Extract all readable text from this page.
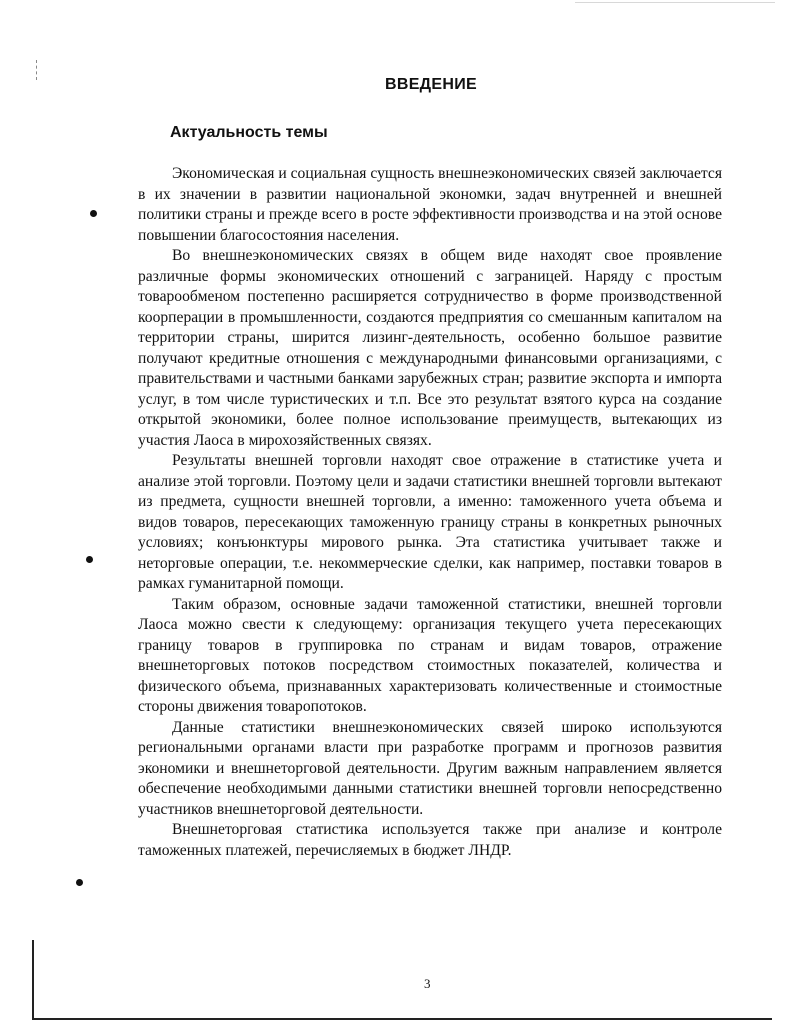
ВВЕДЕНИЕ
Актуальность темы

Экономическая и социальная сущность внешнеэкономических связей заключается в их значении в развитии национальной экономки, задач внутренней и внешней политики страны и прежде всего в росте эффективности производства и на этой основе повышении благосостояния населения.

Во внешнеэкономических связях в общем виде находят свое проявление различные формы экономических отношений с заграницей. Наряду с простым товарообменом постепенно расширяется сотрудничество в форме производственной коорперации в промышленности, создаются предприятия со смешанным капиталом на территории страны, ширится лизинг-деятельность, особенно большое развитие получают кредитные отношения с международными финансовыми организациями, с правительствами и частными банками зарубежных стран; развитие экспорта и импорта услуг, в том числе туристических и т.п. Все это результат взятого курса на создание открытой экономики, более полное использование преимуществ, вытекающих из участия Лаоса в мирохозяйственных связях.

Результаты внешней торговли находят свое отражение в статистике учета и анализе этой торговли. Поэтому цели и задачи статистики внешней торговли вытекают из предмета, сущности внешней торговли, а именно: таможенного учета объема и видов товаров, пересекающих таможенную границу страны в конкретных рыночных условиях; конъюнктуры мирового рынка. Эта статистика учитывает также и неторговые операции, т.е. некоммерческие сделки, как например, поставки товаров в рамках гуманитарной помощи.

Таким образом, основные задачи таможенной статистики, внешней торговли Лаоса можно свести к следующему: организация текущего учета пересекающих границу товаров в группировка по странам и видам товаров, отражение внешнеторговых потоков посредством стоимостных показателей, количества и физического объема, признаванных характеризовать количественные и стоимостные стороны движения товаропотоков.

Данные статистики внешнеэкономических связей широко используются региональными органами власти при разработке программ и прогнозов развития экономики и внешнеторговой деятельности. Другим важным направлением является обеспечение необходимыми данными статистики внешней торговли непосредственно участников внешнеторговой деятельности.

Внешнеторговая статистика используется также при анализе и контроле таможенных платежей, перечисляемых в бюджет ЛНДР.

3
